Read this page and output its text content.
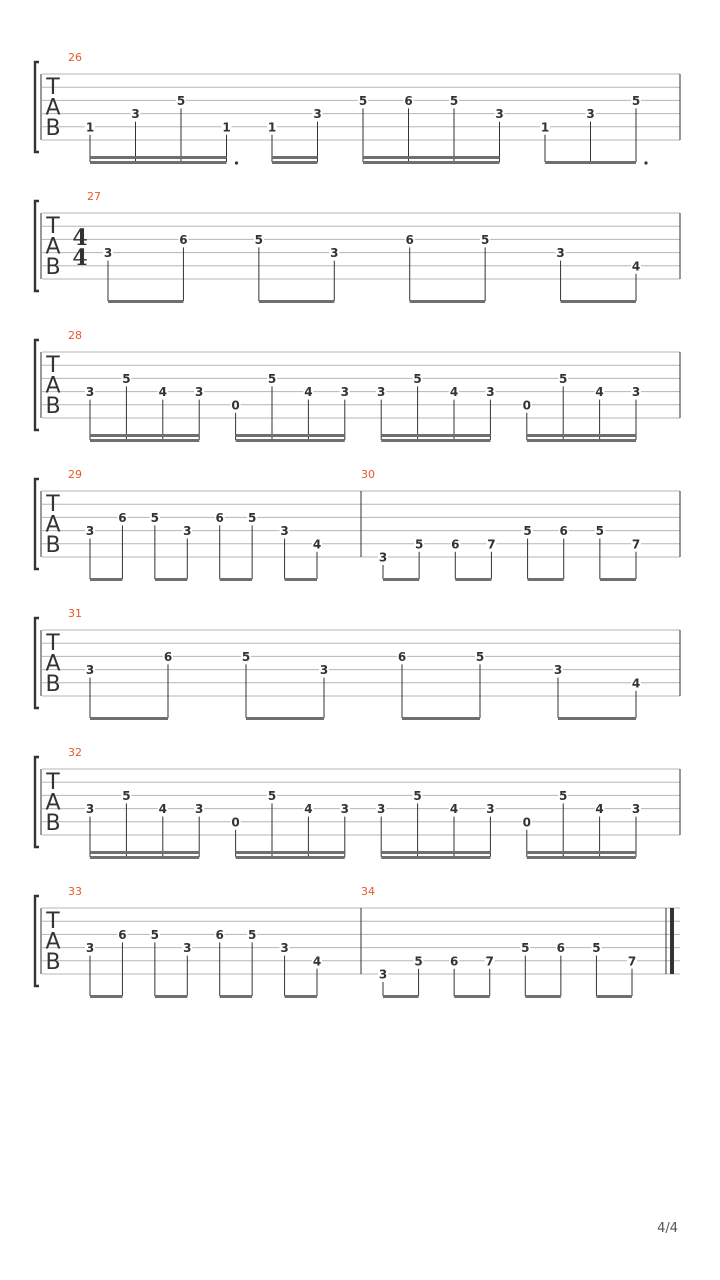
T
A
B
26
1
3
5
1	1
3
5	6	5
3
1
3
5
T
A
B
4
4
27
3
6	5
3
6	5
3
4
T
A
B
28
3
5
4 3
0
5
4 3 3
5
4 3
0
5
4 3
T
A
B
29
3
6 5
3
6 5
3
4
30
3
5 6 7
5 6 5
7
T
A
B
31
3
6	5
3
6	5
3
4
T
A
B
32
3
5
4 3
0
5
4 3 3
5
4 3
0
5
4 3
T
A
B
33
3
6 5
3
6 5
3
4
34
3
5 6 7
5 6 5
7
4/4
